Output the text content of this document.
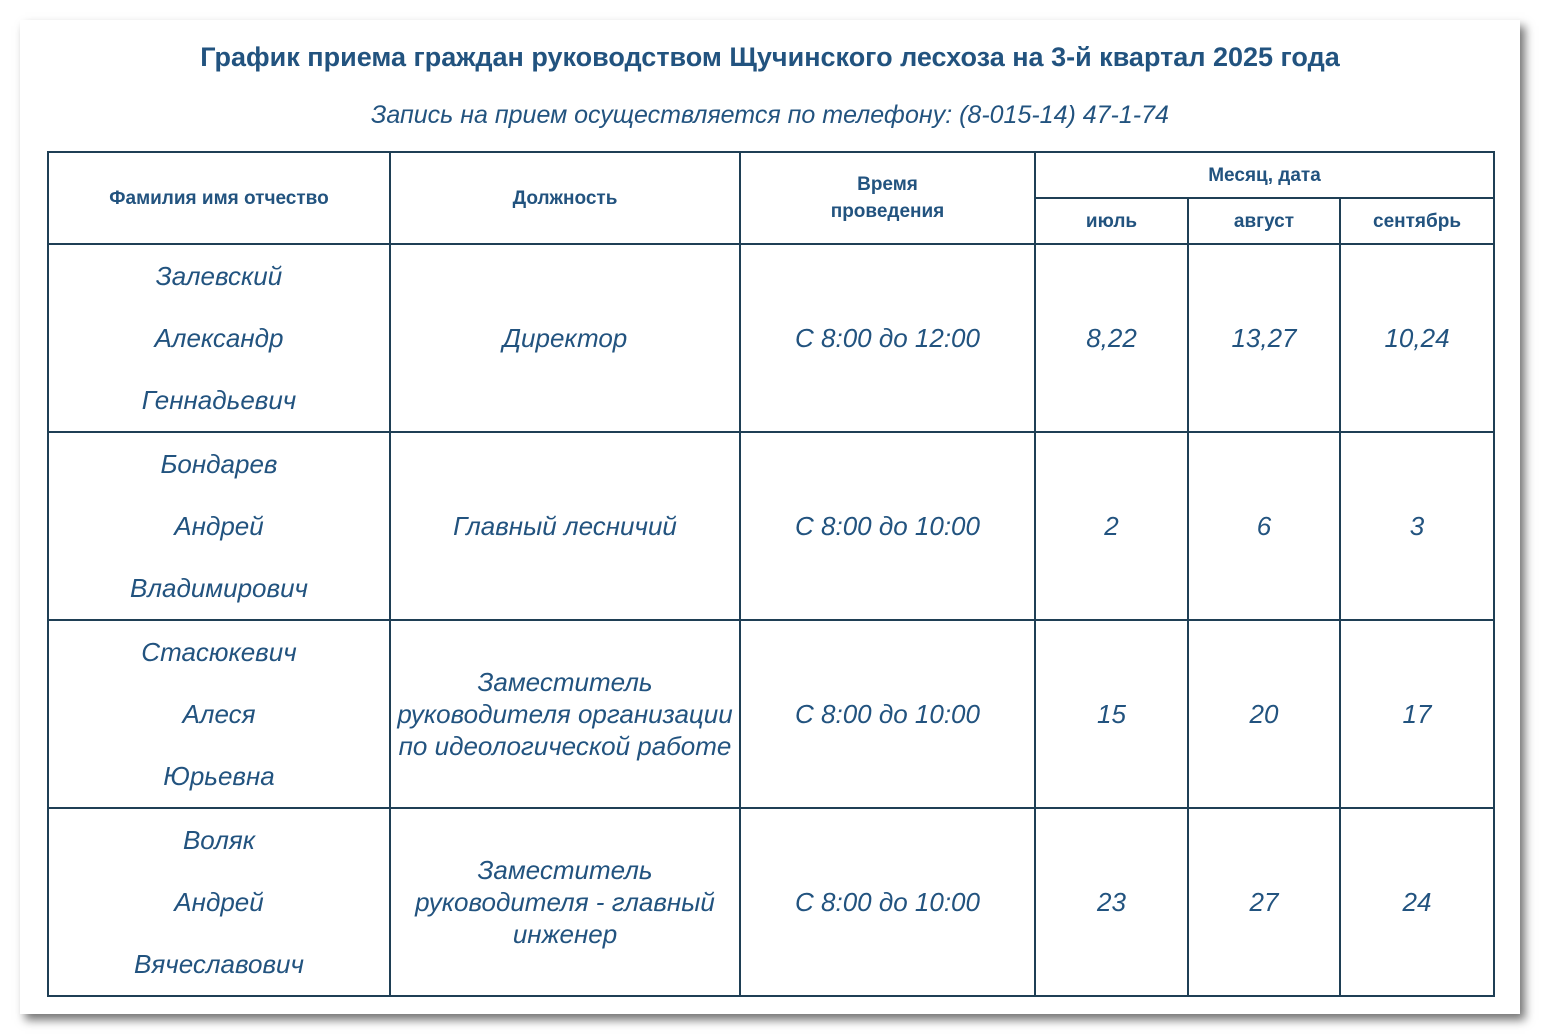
График приема граждан руководством Щучинского лесхоза на 3-й квартал 2025 года
Запись на прием осуществляется по телефону: (8-015-14) 47-1-74
Фамилия имя отчество	Должность	Время
проведения	Месяц, дата		
			июль	август	сентябрь

Залевский
Александр
Геннадьевич	Директор	С 8:00 до 12:00	8,22	13,27	10,24

Бондарев
Андрей
Владимирович	Главный лесничий	С 8:00 до 10:00	2	6	3

Стасюкевич
Алеся
Юрьевна	Заместитель руководителя организации по идеологической работе	С 8:00 до 10:00	15	20	17

Воляк
Андрей
Вячеславович	Заместитель руководителя - главный инженер	С 8:00 до 10:00	23	27	24
